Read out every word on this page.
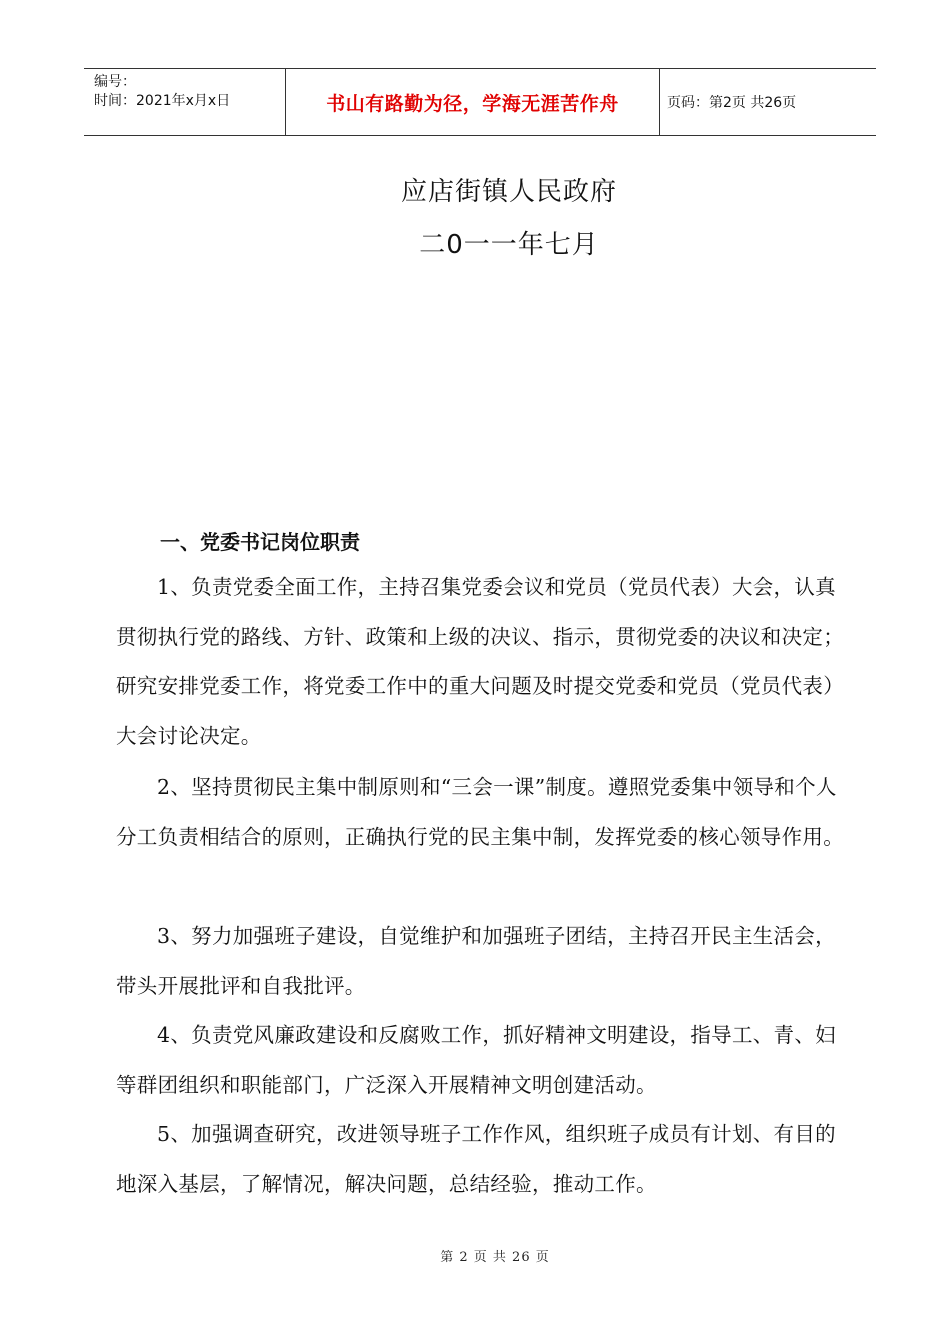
编号：
时间：2021年x月x日	书山有路勤为径，学海无涯苦作舟	页码：第2页 共26页
应店街镇人民政府
二0一一年七月
一、党委书记岗位职责

1、负责党委全面工作，主持召集党委会议和党员（党员代表）大会，认真贯彻执行党的路线、方针、政策和上级的决议、指示，贯彻党委的决议和决定；研究安排党委工作，将党委工作中的重大问题及时提交党委和党员（党员代表）大会讨论决定。

2、坚持贯彻民主集中制原则和“三会一课”制度。遵照党委集中领导和个人分工负责相结合的原则，正确执行党的民主集中制，发挥党委的核心领导作用。

3、努力加强班子建设，自觉维护和加强班子团结，主持召开民主生活会，带头开展批评和自我批评。

4、负责党风廉政建设和反腐败工作，抓好精神文明建设，指导工、青、妇等群团组织和职能部门，广泛深入开展精神文明创建活动。

5、加强调查研究，改进领导班子工作作风，组织班子成员有计划、有目的地深入基层，了解情况，解决问题，总结经验，推动工作。

第 2 页 共 26 页
